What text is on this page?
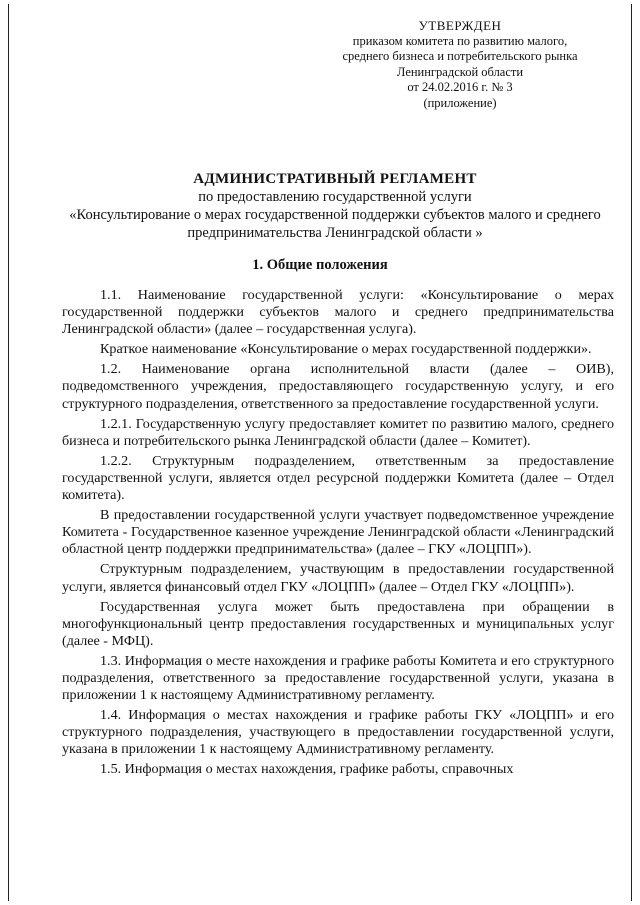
УТВЕРЖДЕН
приказом комитета по развитию малого,
среднего бизнеса и потребительского рынка
Ленинградской области
от 24.02.2016 г. № 3
(приложение)
АДМИНИСТРАТИВНЫЙ РЕГЛАМЕНТ
по предоставлению государственной услуги
«Консультирование о мерах государственной поддержки субъектов малого и среднего предпринимательства Ленинградской области »
1. Общие положения

1.1. Наименование государственной услуги: «Консультирование о мерах государственной поддержки субъектов малого и среднего предпринимательства Ленинградской области» (далее – государственная услуга).

Краткое наименование «Консультирование о мерах государственной поддержки».

1.2. Наименование органа исполнительной власти (далее – ОИВ), подведомственного учреждения, предоставляющего государственную услугу, и его структурного подразделения, ответственного за предоставление государственной услуги.

1.2.1. Государственную услугу предоставляет комитет по развитию малого, среднего бизнеса и потребительского рынка Ленинградской области (далее – Комитет).

1.2.2. Структурным подразделением, ответственным за предоставление государственной услуги, является отдел ресурсной поддержки Комитета (далее – Отдел комитета).

В предоставлении государственной услуги участвует подведомственное учреждение Комитета - Государственное казенное учреждение Ленинградской области «Ленинградский областной центр поддержки предпринимательства» (далее – ГКУ «ЛОЦПП»).

Структурным подразделением, участвующим в предоставлении государственной услуги, является финансовый отдел ГКУ «ЛОЦПП» (далее – Отдел ГКУ «ЛОЦПП»).

Государственная услуга может быть предоставлена при обращении в многофункциональный центр предоставления государственных и муниципальных услуг (далее - МФЦ).

1.3. Информация о месте нахождения и графике работы Комитета и его структурного подразделения, ответственного за предоставление государственной услуги, указана в приложении 1 к настоящему Административному регламенту.

1.4. Информация о местах нахождения и графике работы ГКУ «ЛОЦПП» и его структурного подразделения, участвующего в предоставлении государственной услуги, указана в приложении 1 к настоящему Административному регламенту.

1.5. Информация о местах нахождения, графике работы, справочных
